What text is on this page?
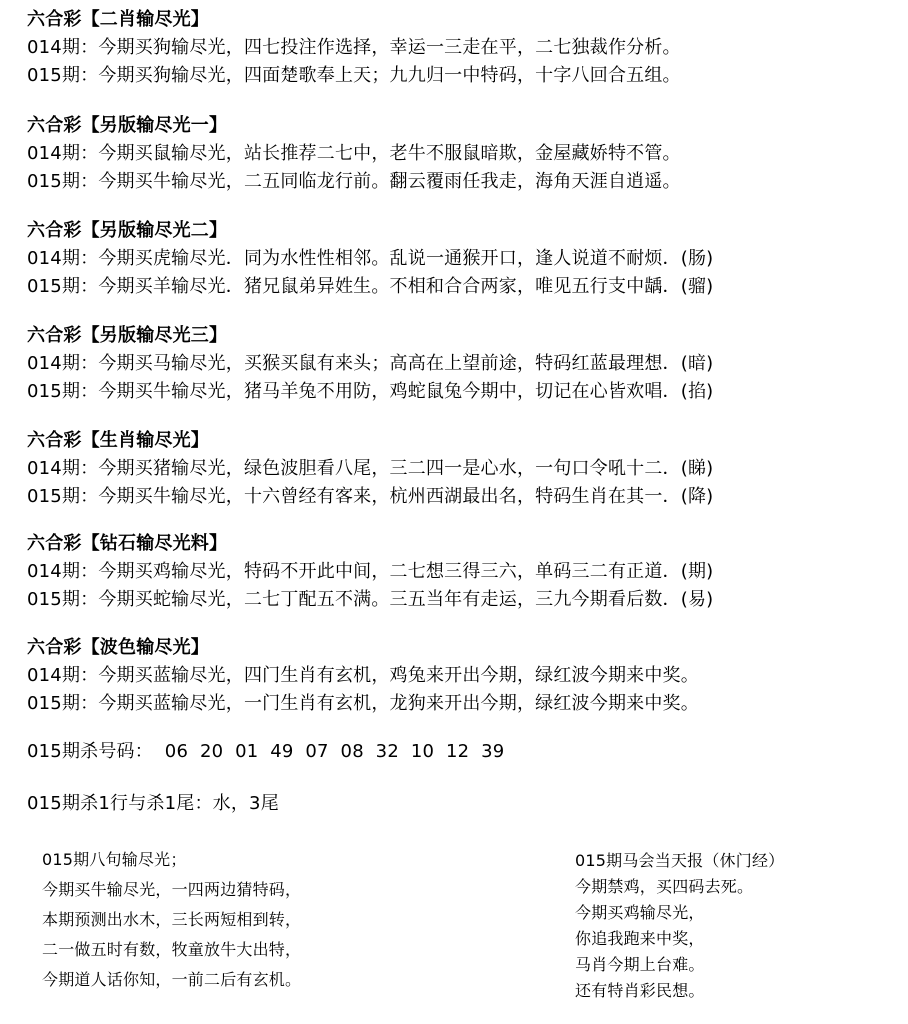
六合彩【二肖输尽光】
014期：今期买狗输尽光，四七投注作选择，幸运一三走在平，二七独裁作分析。
015期：今期买狗输尽光，四面楚歌奉上天；九九归一中特码，十字八回合五组。
六合彩【另版输尽光一】
014期：今期买鼠输尽光，站长推荐二七中，老牛不服鼠暗欺，金屋藏娇特不管。
015期：今期买牛输尽光，二五同临龙行前。翻云覆雨任我走，海角天涯自逍遥。
六合彩【另版输尽光二】
014期：今期买虎输尽光．同为水性性相邻。乱说一通猴开口，逢人说道不耐烦．(肠)
015期：今期买羊输尽光．猪兄鼠弟异姓生。不相和合合两家，唯见五行支中龋．(骝)
六合彩【另版输尽光三】
014期：今期买马输尽光，买猴买鼠有来头；高高在上望前途，特码红蓝最理想．(暗)
015期：今期买牛输尽光，猪马羊兔不用防，鸡蛇鼠兔今期中，切记在心皆欢唱．(掐)
六合彩【生肖输尽光】
014期：今期买猪输尽光，绿色波胆看八尾，三二四一是心水，一句口令吼十二．(睇)
015期：今期买牛输尽光，十六曾经有客来，杭州西湖最出名，特码生肖在其一．(降)
六合彩【钻石输尽光料】
014期：今期买鸡输尽光，特码不开此中间，二七想三得三六，单码三二有正道．(期)
015期：今期买蛇输尽光，二七丁配五不满。三五当年有走运，三九今期看后数．(易)
六合彩【波色输尽光】
014期：今期买蓝输尽光，四门生肖有玄机，鸡兔来开出今期，绿红波今期来中奖。
015期：今期买蓝输尽光，一门生肖有玄机，龙狗来开出今期，绿红波今期来中奖。
015期杀号码：  06  20  01  49  07  08  32  10  12  39
015期杀1行与杀1尾：水，3尾
015期八句输尽光；
今期买牛输尽光，一四两边猜特码，
本期预测出水木，三长两短相到转，
二一做五时有数，牧童放牛大出特，
今期道人话你知，一前二后有玄机。
015期马会当天报（休门经）
今期禁鸡，买四码去死。
今期买鸡输尽光，
你追我跑来中奖，
马肖今期上台难。
还有特肖彩民想。
